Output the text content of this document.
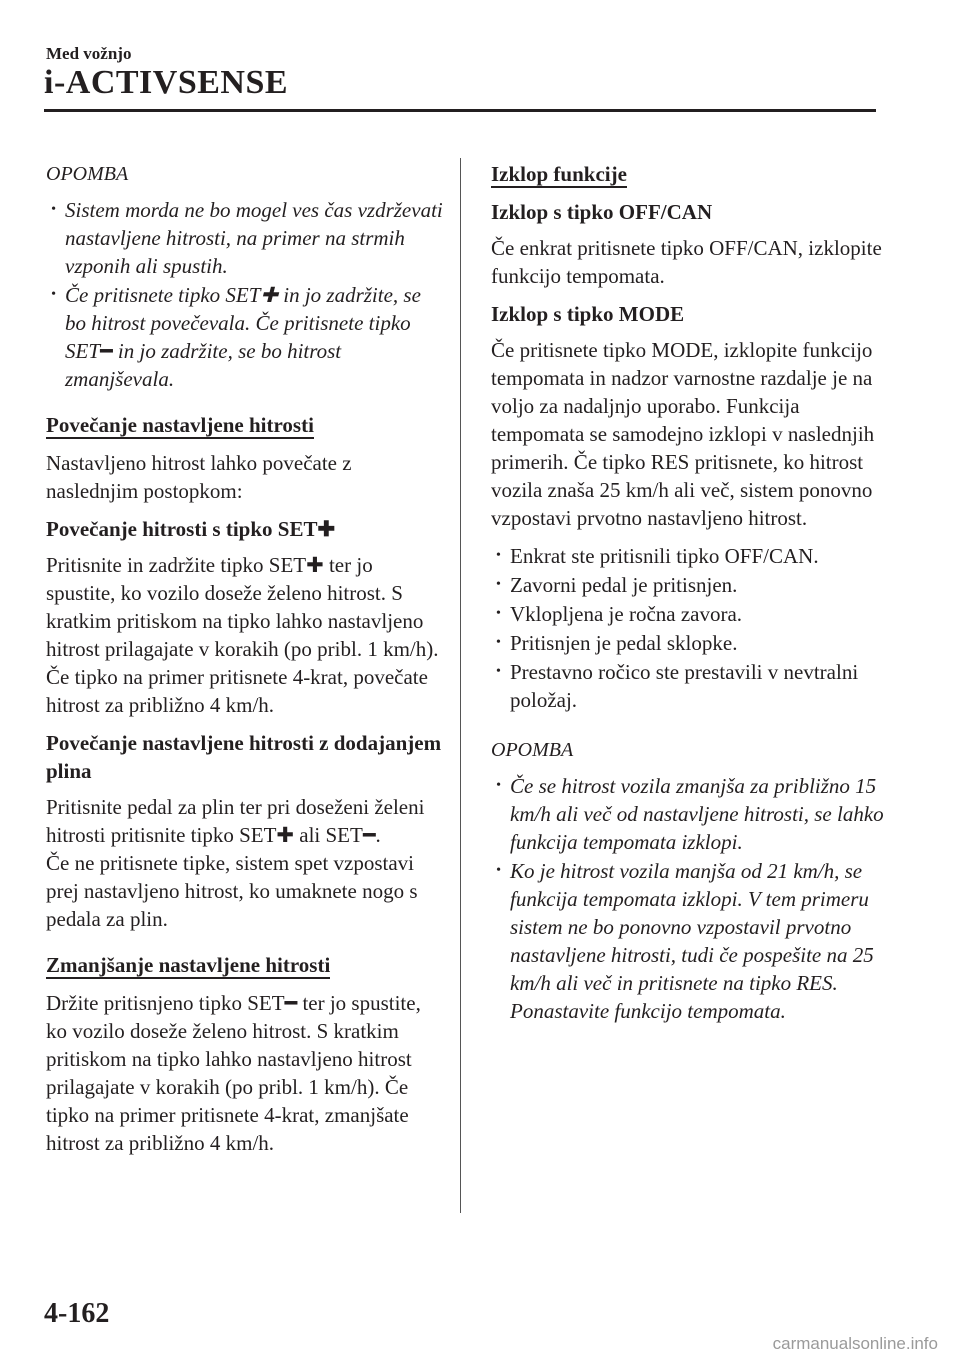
Med vožnjo
i-ACTIVSENSE
OPOMBA
• Sistem morda ne bo mogel ves čas vzdrževati nastavljene hitrosti, na primer na strmih vzponih ali spustih.
• Če pritisnete tipko SET✚ in jo zadržite, se bo hitrost povečevala. Če pritisnete tipko SET━ in jo zadržite, se bo hitrost zmanjševala.
Povečanje nastavljene hitrosti

Nastavljeno hitrost lahko povečate z naslednjim postopkom:

Povečanje hitrosti s tipko SET✚

Pritisnite in zadržite tipko SET✚ ter jo spustite, ko vozilo doseže želeno hitrost. S kratkim pritiskom na tipko lahko nastavljeno hitrost prilagajate v korakih (po pribl. 1 km/h). Če tipko na primer pritisnete 4-krat, povečate hitrost za približno 4 km/h.

Povečanje nastavljene hitrosti z dodajanjem plina

Pritisnite pedal za plin ter pri doseženi želeni hitrosti pritisnite tipko SET✚ ali SET━.

Če ne pritisnete tipke, sistem spet vzpostavi prej nastavljeno hitrost, ko umaknete nogo s pedala za plin.

Zmanjšanje nastavljene hitrosti

Držite pritisnjeno tipko SET━ ter jo spustite, ko vozilo doseže želeno hitrost. S kratkim pritiskom na tipko lahko nastavljeno hitrost prilagajate v korakih (po pribl. 1 km/h). Če tipko na primer pritisnete 4-krat, zmanjšate hitrost za približno 4 km/h.

Izklop funkcije
Izklop s tipko OFF/CAN

Če enkrat pritisnete tipko OFF/CAN, izklopite funkcijo tempomata.

Izklop s tipko MODE

Če pritisnete tipko MODE, izklopite funkcijo tempomata in nadzor varnostne razdalje je na voljo za nadaljnjo uporabo. Funkcija tempomata se samodejno izklopi v naslednjih primerih. Če tipko RES pritisnete, ko hitrost vozila znaša 25 km/h ali več, sistem ponovno vzpostavi prvotno nastavljeno hitrost.

• Enkrat ste pritisnili tipko OFF/CAN.
• Zavorni pedal je pritisnjen.
• Vklopljena je ročna zavora.
• Pritisnjen je pedal sklopke.
• Prestavno ročico ste prestavili v nevtralni položaj.
OPOMBA
• Če se hitrost vozila zmanjša za približno 15 km/h ali več od nastavljene hitrosti, se lahko funkcija tempomata izklopi.
• Ko je hitrost vozila manjša od 21 km/h, se funkcija tempomata izklopi. V tem primeru sistem ne bo ponovno vzpostavil prvotno nastavljene hitrosti, tudi če pospešite na 25 km/h ali več in pritisnete na tipko RES. Ponastavite funkcijo tempomata.
4-162
carmanualsonline.info
